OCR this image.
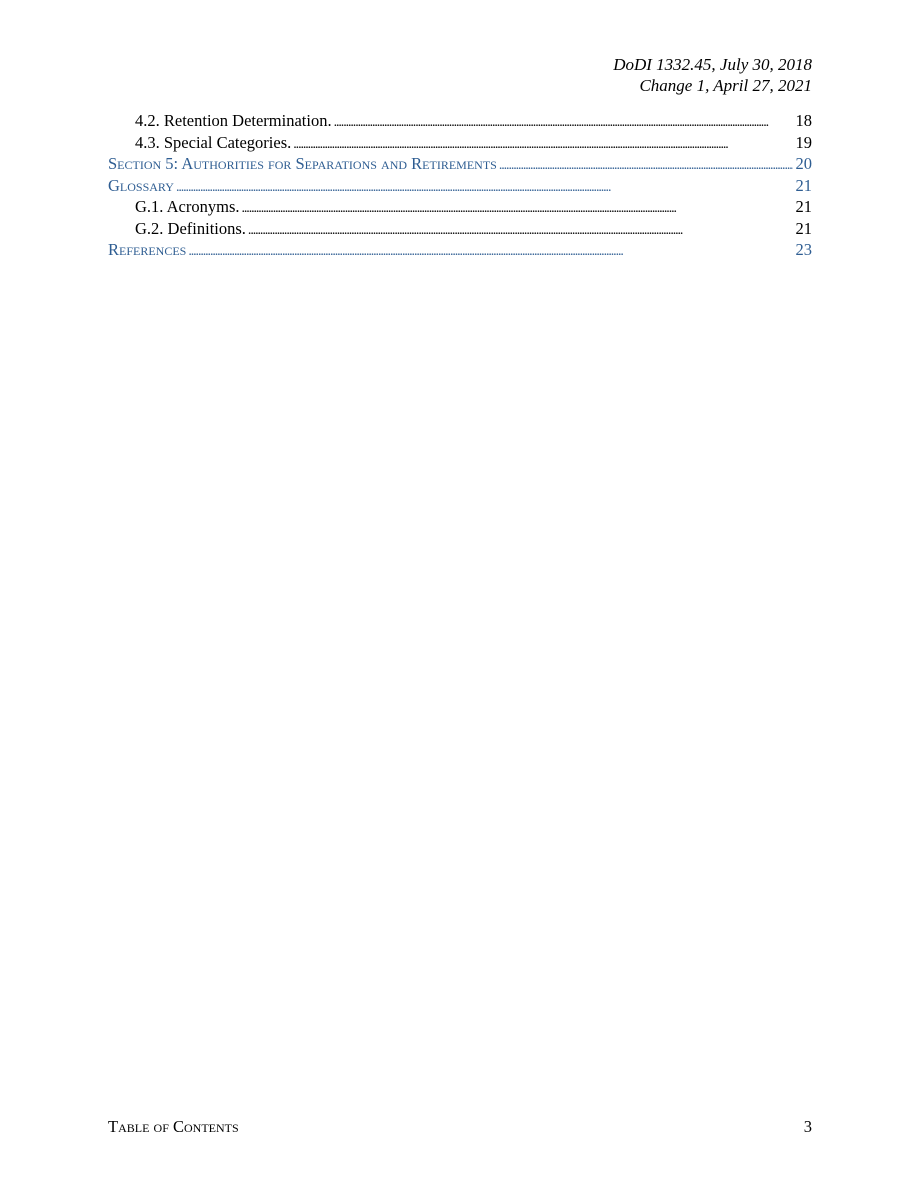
DoDI 1332.45, July 30, 2018
Change 1, April 27, 2021
4.2. Retention Determination. . . .	18
4.3. Special Categories. . . .	19
Section 5: Authorities for Separations and Retirements . . .	20
Glossary . . .	21
G.1. Acronyms. . . .	21
G.2. Definitions. . . .	21
References . . .	23
Table of Contents	3
